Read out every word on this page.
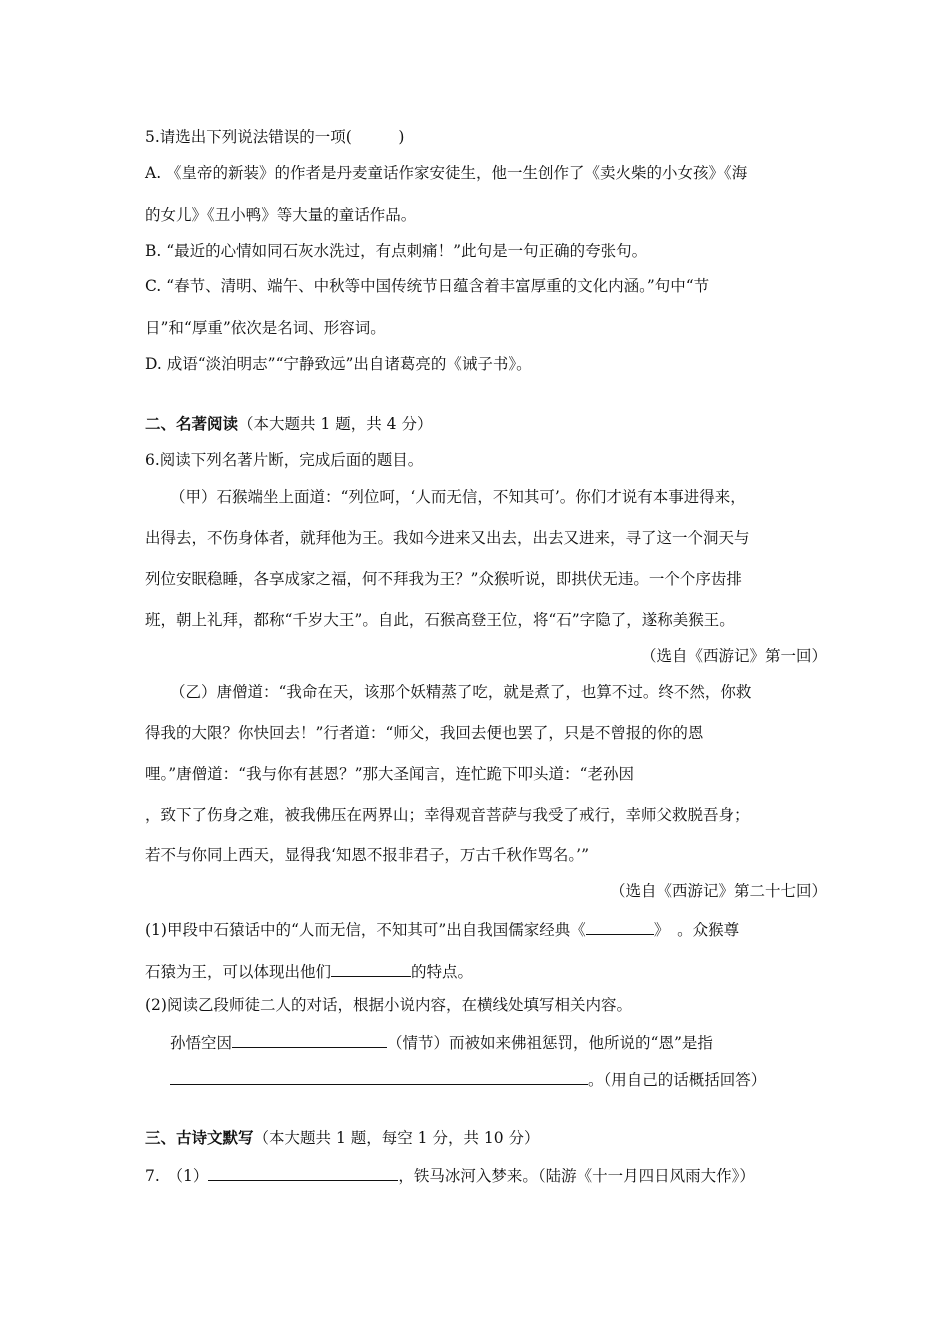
5.请选出下列说法错误的一项(　　　)
A. 《皇帝的新装》的作者是丹麦童话作家安徒生，他一生创作了《卖火柴的小女孩》《海
的女儿》《丑小鸭》等大量的童话作品。
B. “最近的心情如同石灰水洗过，有点刺痛！”此句是一句正确的夸张句。
C. “春节、清明、端午、中秋等中国传统节日蕴含着丰富厚重的文化内涵。”句中“节
日”和“厚重”依次是名词、形容词。
D. 成语“淡泊明志”“宁静致远”出自诸葛亮的《诫子书》。
二、名著阅读（本大题共 1 题，共 4 分）
6.阅读下列名著片断，完成后面的题目。
（甲）石猴端坐上面道：“列位呵，‘人而无信，不知其可’。你们才说有本事进得来，
出得去，不伤身体者，就拜他为王。我如今进来又出去，出去又进来，寻了这一个洞天与
列位安眠稳睡，各享成家之福，何不拜我为王？”众猴听说，即拱伏无违。一个个序齿排
班，朝上礼拜，都称“千岁大王”。自此，石猴高登王位，将“石”字隐了，遂称美猴王。
（选自《西游记》第一回）
（乙）唐僧道：“我命在天，该那个妖精蒸了吃，就是煮了，也算不过。终不然，你救
得我的大限？你快回去！”行者道：“师父，我回去便也罢了，只是不曾报的你的恩
哩。”唐僧道：“我与你有甚恩？”那大圣闻言，连忙跪下叩头道：“老孙因
，致下了伤身之难，被我佛压在两界山；幸得观音菩萨与我受了戒行，幸师父救脱吾身；
若不与你同上西天，显得我‘知恩不报非君子，万古千秋作骂名。’”
（选自《西游记》第二十七回）
(1)甲段中石猿话中的“人而无信，不知其可”出自我国儒家经典《	》　。众猴尊
石猿为王，可以体现出他们	的特点。
(2)阅读乙段师徒二人的对话，根据小说内容，在横线处填写相关内容。
孙悟空因	（情节）而被如来佛祖惩罚，他所说的“恩”是指
。（用自己的话概括回答）
三、古诗文默写（本大题共 1 题，每空 1 分，共 10 分）
7.　（1）	，铁马冰河入梦来。（陆游《十一月四日风雨大作》）
